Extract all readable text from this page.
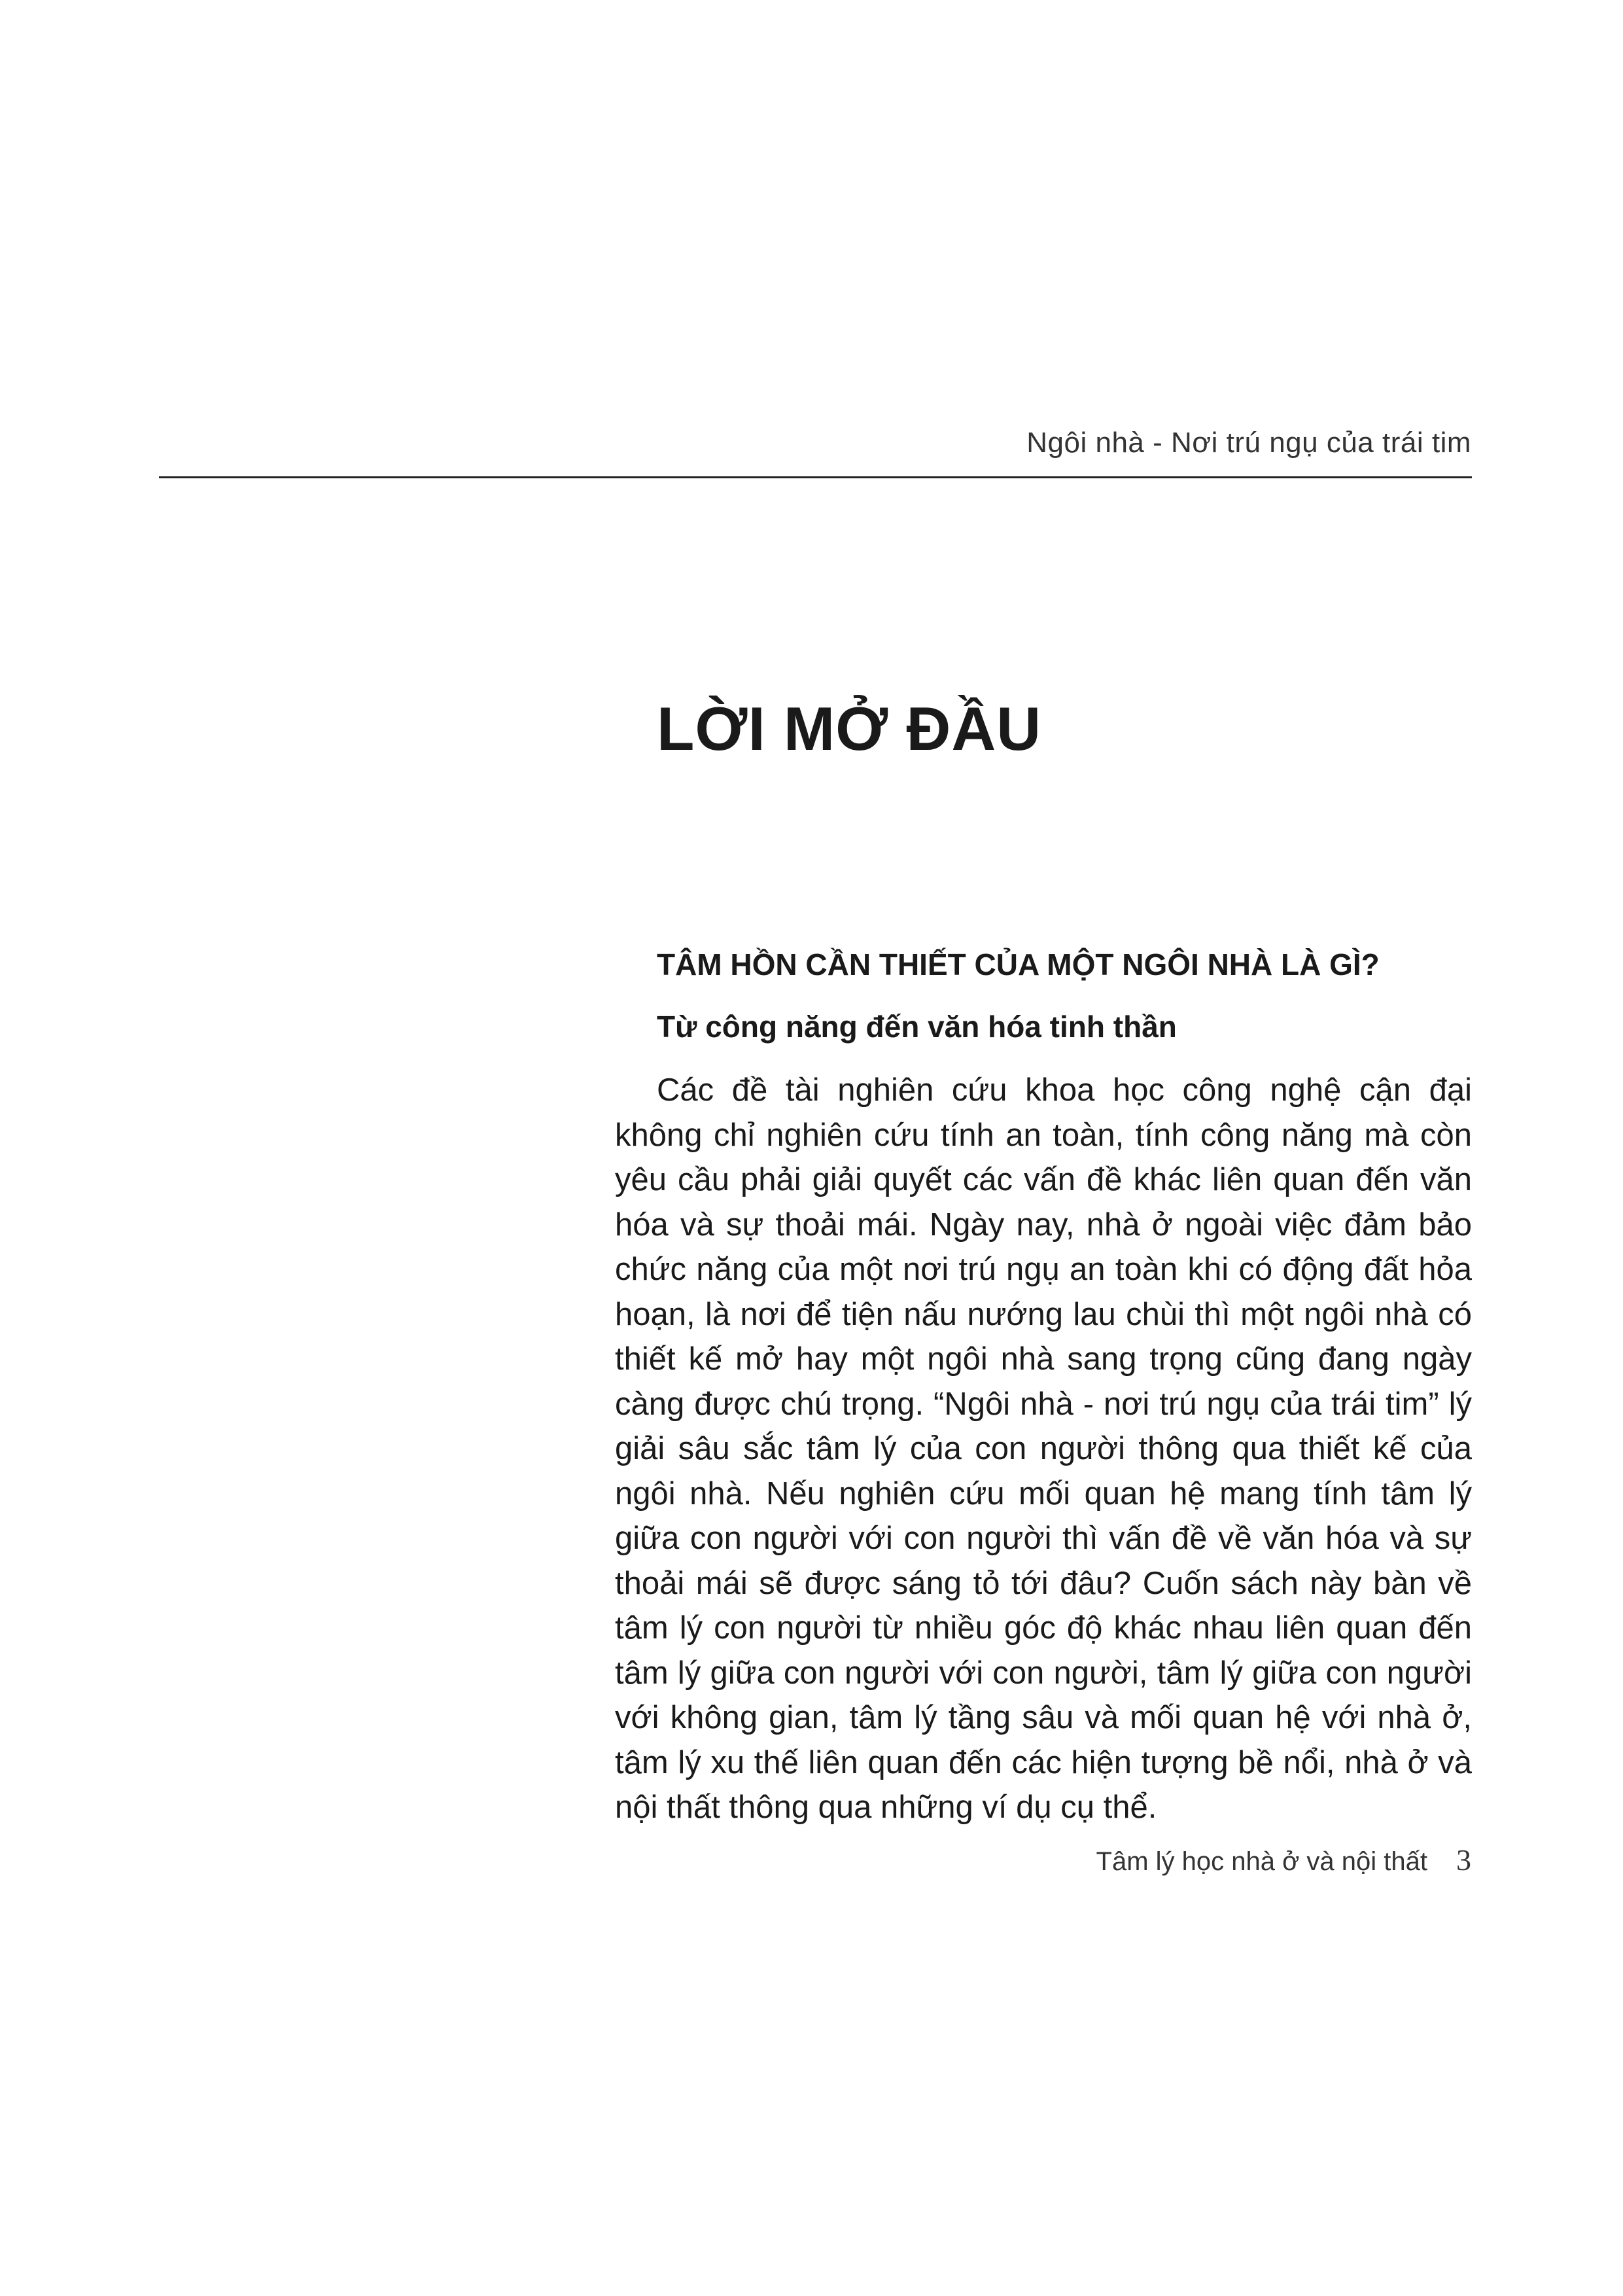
Ngôi nhà - Nơi trú ngụ của trái tim
LỜI MỞ ĐẦU
TÂM HỒN CẦN THIẾT CỦA MỘT NGÔI NHÀ LÀ GÌ?
Từ công năng đến văn hóa tinh thần

Các đề tài nghiên cứu khoa học công nghệ cận đại không chỉ nghiên cứu tính an toàn, tính công năng mà còn yêu cầu phải giải quyết các vấn đề khác liên quan đến văn hóa và sự thoải mái. Ngày nay, nhà ở ngoài việc đảm bảo chức năng của một nơi trú ngụ an toàn khi có động đất hỏa hoạn, là nơi để tiện nấu nướng lau chùi thì một ngôi nhà có thiết kế mở hay một ngôi nhà sang trọng cũng đang ngày càng được chú trọng. “Ngôi nhà - nơi trú ngụ của trái tim” lý giải sâu sắc tâm lý của con người thông qua thiết kế của ngôi nhà. Nếu nghiên cứu mối quan hệ mang tính tâm lý giữa con người với con người thì vấn đề về văn hóa và sự thoải mái sẽ được sáng tỏ tới đâu? Cuốn sách này bàn về tâm lý con người từ nhiều góc độ khác nhau liên quan đến tâm lý giữa con người với con người, tâm lý giữa con người với không gian, tâm lý tầng sâu và mối quan hệ với nhà ở, tâm lý xu thế liên quan đến các hiện tượng bề nổi, nhà ở và nội thất thông qua những ví dụ cụ thể.

Tâm lý học nhà ở và nội thất 3
